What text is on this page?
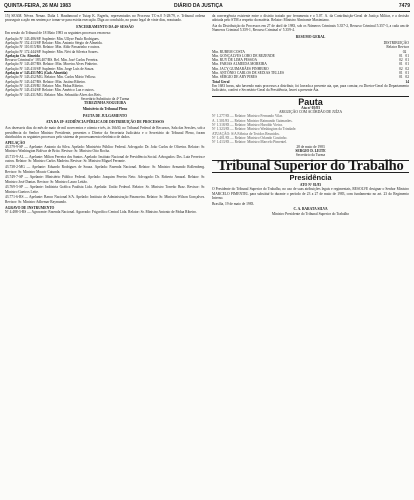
QUINTA-FEIRA, 26 MAI 1983	DIÁRIO DA JUSTIÇA	7479

15) SEAM. Névea. Nenao. Dalia I. Hauthmoud e Tuiap K. Fagerlu, representados no Processo TC-n.0 5-28/79, e. Tribunal ordena prosseguir a ação em sentença e tornar-se para estrita execução. Diga ao concluído, no prazo legal de vinte dias, reautuado.

ENCERRAMENTO DA 40ª SESSÃO

Em sessão do Tribunal de 18 Maio 1983 os seguintes processos em mesa:

Apelação Nº 143.486/SP. Suplente: Min. Ullyse Paulo Rodrigues.
Apelação Nº 152.413/SP. Relator: Min. Antonio Sérgio de Almeida.
Apelação Nº 110.015/RS. Relator: Min. Aldir Passarinho e outros.
Apelação Nº 172.444/SP. Suplente: Min. Néri da Silveira Soares.
Apelação Cív. Almeida
Recurso Criminal nº 183.407/RS. Rel. Min. José Carlos Ferreira.
Apelação Nº 143.407/RS. Relator: Min. Moreira Alves Pinheiro.
Apelação Nº 143.410/SP. Suplente: Min. Jorge Luís de Souza.
Apelação nº 143.451/MG (Gab. Almeida)
Apelação Nº 143.452/MG. Relator: Min. Carlos Mário Velloso.
Apelação Nº 143.447/RS. Relator: Min. Justino Ribeiro.
Apelação Nº 143.439/RJ. Relator: Min. Pádua Ribeiro.
Apelação Nº 143.434/SP. Relator: Min. Américo Luz e outros.
Apelação Nº 143.431/MG. Relator: Min. Sebastião Alves dos Reis.
Secretário Substituto da 4ª Turma
TEREZINHA NOGUEIRA
Ministério do Tribunal Pleno
PAUTA DE JULGAMENTO
ATA DA 18ª AUDIÊNCIA PÚBLICA DE DISTRIBUIÇÃO DE PROCESSOS

Aos dezesseis dias do mês de maio de mil novecentos e oitenta e três, às 16h30, no Tribunal Federal de Recursos, Sala das Sessões, sob a presidência do Senhor Ministro Presidente, presentes o Diretor da Secretaria Judiciária e o Secretário do Tribunal Pleno, foram distribuídos os seguintes processos pelo sistema de processamento eletrônico de dados.

APELAÇÃO

43.579-9-SP — Apelante: Antonio da Silva. Apelado: Ministério Público Federal. Advogado: Dr. João Carlos de Oliveira. Relator: Sr. Ministro Washington Bolívar de Brito. Revisor: Sr. Ministro Otto Rocha.

43.715-9-AL — Apelante: Milton Ferreira dos Santos. Apelado: Instituto Nacional de Previdência Social. Advogados: Drs. Luiz Ferreira e outros. Relator: Sr. Ministro Carlos Madeira. Revisor: Sr. Ministro Miguel Ferrante.

43.738-2-MG — Apelante: Eduardo Rodrigues de Souza. Apelada: Fazenda Nacional. Relator: Sr. Ministro Armando Rollemberg. Revisor: Sr. Ministro Moacir Catunda.

43.749-7-SP — Apelante: Ministério Público Federal. Apelado: Joaquim Pereira Neto. Advogado: Dr. Roberto Amaral. Relator: Sr. Ministro José Dantas. Revisor: Sr. Ministro Lauro Leitão.

43.769-5-SP — Apelante: Indústria Gráfica Paulista Ltda. Apelada: União Federal. Relator: Sr. Ministro Torreão Braz. Revisor: Sr. Ministro Gueiros Leite.

43.771-6-RS — Apelante: Banco Nacional S/A. Apelado: Instituto de Administração Financeira. Relator: Sr. Ministro Wilson Gonçalves. Revisor: Sr. Ministro Adhemar Raymundo.

AGRAVO DE INSTRUMENTO

Nº 4.488-3-RS — Agravante: Fazenda Nacional. Agravado: Frigorífico Central Ltda. Relator: Sr. Ministro Antonio de Pádua Ribeiro.

da convergência existente entre o distrito tratado por ferramenta e o 5.07. A. da Contribuição-Geral de Justiça Militar, e a decisão adotada pelo STM a respeito da matéria. Relator: Ministro Almirante Maximiano.

Ata da Distribuição do Processos em 27 de abril de 1983, sob os Números Criminais 5.357-2, Recurso Criminal 5.357-3, a cada um de Numeros Criminal 5.359-1, Recurso Criminal nº 5.359-4.

RESUMO GERAL
DISTRIBUIÇÃO
Relator Revisor
Min. RUBEM COSTA	02
Min. GONÇALVES LOBO DE REZENDE	01 01
Min. RUY DE LIMA PESSOA	02 01
Min. FARIAS ALMEIDA MOREIRA	01 01
Min. JACY GUIMARÃES PINHEIRO	02 02
Min. ANTÔNIO CARLOS DE SEIXAS TELLES	01 01
Min. SÉRGIO DE ARY PIRES	01 02
Total Geral	14

Em 1683 horas, não havendo mais processos a distribuir, foi lavrada a presente ata, que, para constar, eu Diretor-Geral do Departamento Judiciário, conferi e Secretário-Geral da Presidência, lavrei a presente Ata.

Pauta
Ata nº 05/83
ARGUIÇÃO COM ACÓRDÃO DE JUÍZA
Nº 1.277/83 — Relator: Ministro Fernando Vilar.
A. 1.301/83 — Relator: Ministro Raimundo Guimarães.
Nº 1.318/83 — Relator: Ministro Haroldo Vieira.
Nº 1.323/83 — Relator: Ministro Washington da Trindade.
ATUAÇÃO: S/A Fábrica de Tecidos Reunidos.
Nº 1.401/83 — Relator: Ministro Orlando Coutinho.
Nº 1.413/83 — Relator: Ministro Marcelo Pimentel.
28 de maio de 1983
SERGIO D. LEITE
Secretário da Turma
Tribunal Superior do Trabalho
Presidência
ATO Nº 81/83

O Presidente do Tribunal Superior do Trabalho, no uso de suas atribuições legais e regimentais, RESOLVE designar o Senhor Ministro MARCELO PIMENTEL para substituí-lo durante o período de 23 a 27 de maio de 1983, com fundamento no art. 23 do Regimento Interno.

Brasília, 19 de maio de 1983.

C. A. BARATA SILVA
Ministro Presidente do Tribunal Superior do Trabalho
